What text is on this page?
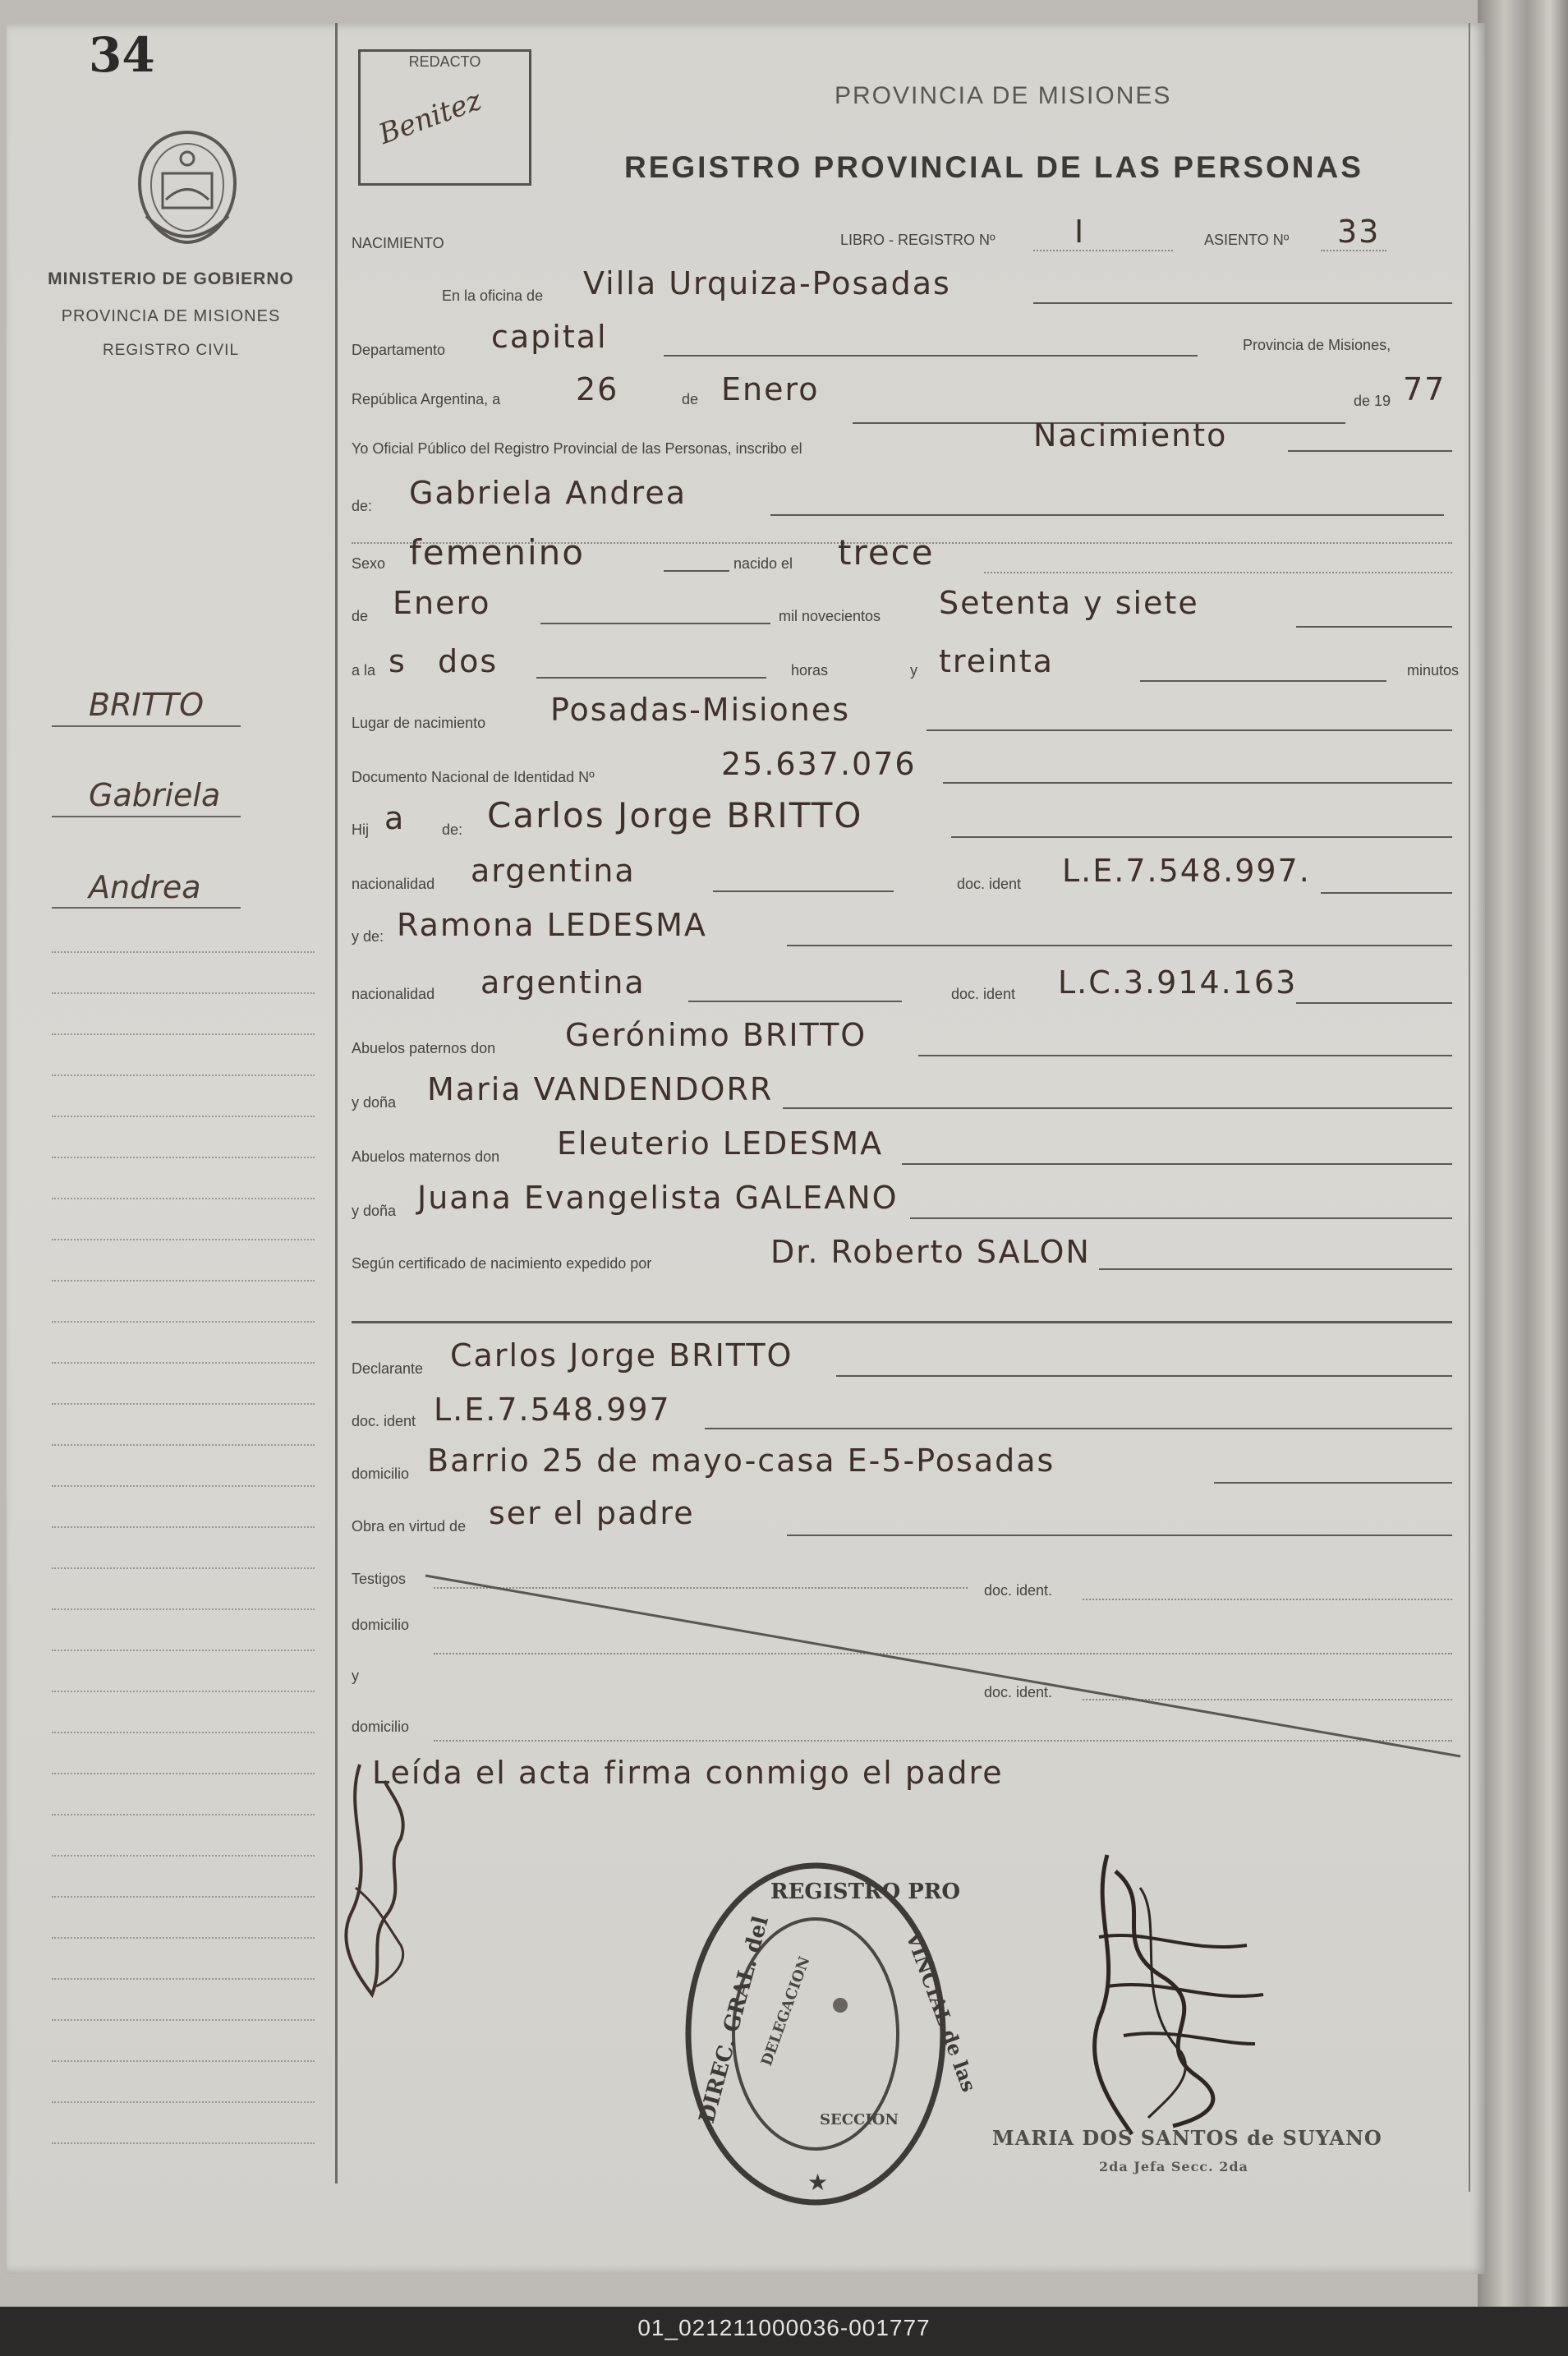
34
MINISTERIO DE GOBIERNO
PROVINCIA DE MISIONES
REGISTRO CIVIL
BRITTO
Gabriela
Andrea
REDACTO
Benitez	PROVINCIA DE MISIONES
REGISTRO PROVINCIAL DE LAS PERSONAS
NACIMIENTO	LIBRO - REGISTRO Nº	I	ASIENTO Nº 33
En la oficina de Villa Urquiza-Posadas
Departamento capital	Provincia de Misiones,
República Argentina, a 26	de Enero	de 19 77
Yo Oficial Público del Registro Provincial de las Personas, inscribo el	Nacimiento
de: Gabriela Andrea
Sexo femenino	nacido el trece
de Enero	mil novecientos Setenta y siete
a la s dos	horas	y treinta	minutos
Lugar de nacimiento Posadas-Misiones
Documento Nacional de Identidad Nº	25.637.076
Hij a de: Carlos Jorge BRITTO
nacionalidad argentina	doc. ident L.E.7.548.997.
y de: Ramona LEDESMA
nacionalidad argentina	doc. ident L.C.3.914.163
Abuelos paternos don Gerónimo BRITTO
y doña Maria VANDENDORR
Abuelos maternos don Eleuterio LEDESMA
y doña Juana Evangelista GALEANO
Según certificado de nacimiento expedido por	Dr. Roberto SALON
Declarante Carlos Jorge BRITTO
doc. ident L.E.7.548.997
domicilio Barrio 25 de mayo-casa E-5-Posadas
Obra en virtud de ser el padre
Testigos
doc. ident.
domicilio
y
doc. ident.
domicilio
Leída el acta firma conmigo el padre
DIREC. GRAL. del
REGISTRO PRO
VINCIAL de las
DELEGACION
SECCION
★
MARIA DOS SANTOS de SUYANO
2da Jefa Secc. 2da
01_021211000036-001777
